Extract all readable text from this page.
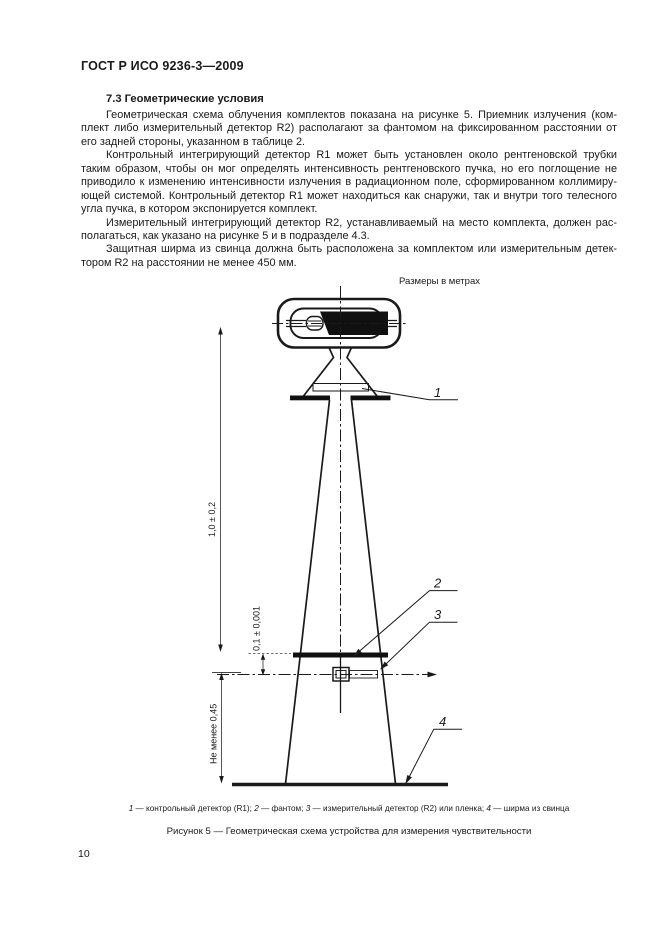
ГОСТ Р ИСО 9236-3—2009
7.3 Геометрические условия
Геометрическая схема облучения комплектов показана на рисунке 5. Приемник излучения (ком-
плект либо измерительный детектор R2) располагают за фантомом на фиксированном расстоянии от
его задней стороны, указанном в таблице 2.
Контрольный интегрирующий детектор R1 может быть установлен около рентгеновской трубки
таким образом, чтобы он мог определять интенсивность рентгеновского пучка, но его поглощение не
приводило к изменению интенсивности излучения в радиационном поле, сформированном коллимиру-
ющей системой. Контрольный детектор R1 может находиться как снаружи, так и внутри того телесного
угла пучка, в котором экспонируется комплект.
Измерительный интегрирующий детектор R2, устанавливаемый на место комплекта, должен рас-
полагаться, как указано на рисунке 5 и в подразделе 4.3.
Защитная ширма из свинца должна быть расположена за комплектом или измерительным детек-
тором R2 на расстоянии не менее 450 мм.
Размеры в метрах
1,0 ± 0,2
0,1 ± 0,001
Не менее 0,45
1
2
3
4
1 — контрольный детектор (R1); 2 — фантом; 3 — измерительный детектор (R2) или пленка; 4 — ширма из свинца
Рисунок 5 — Геометрическая схема устройства для измерения чувствительности
10
